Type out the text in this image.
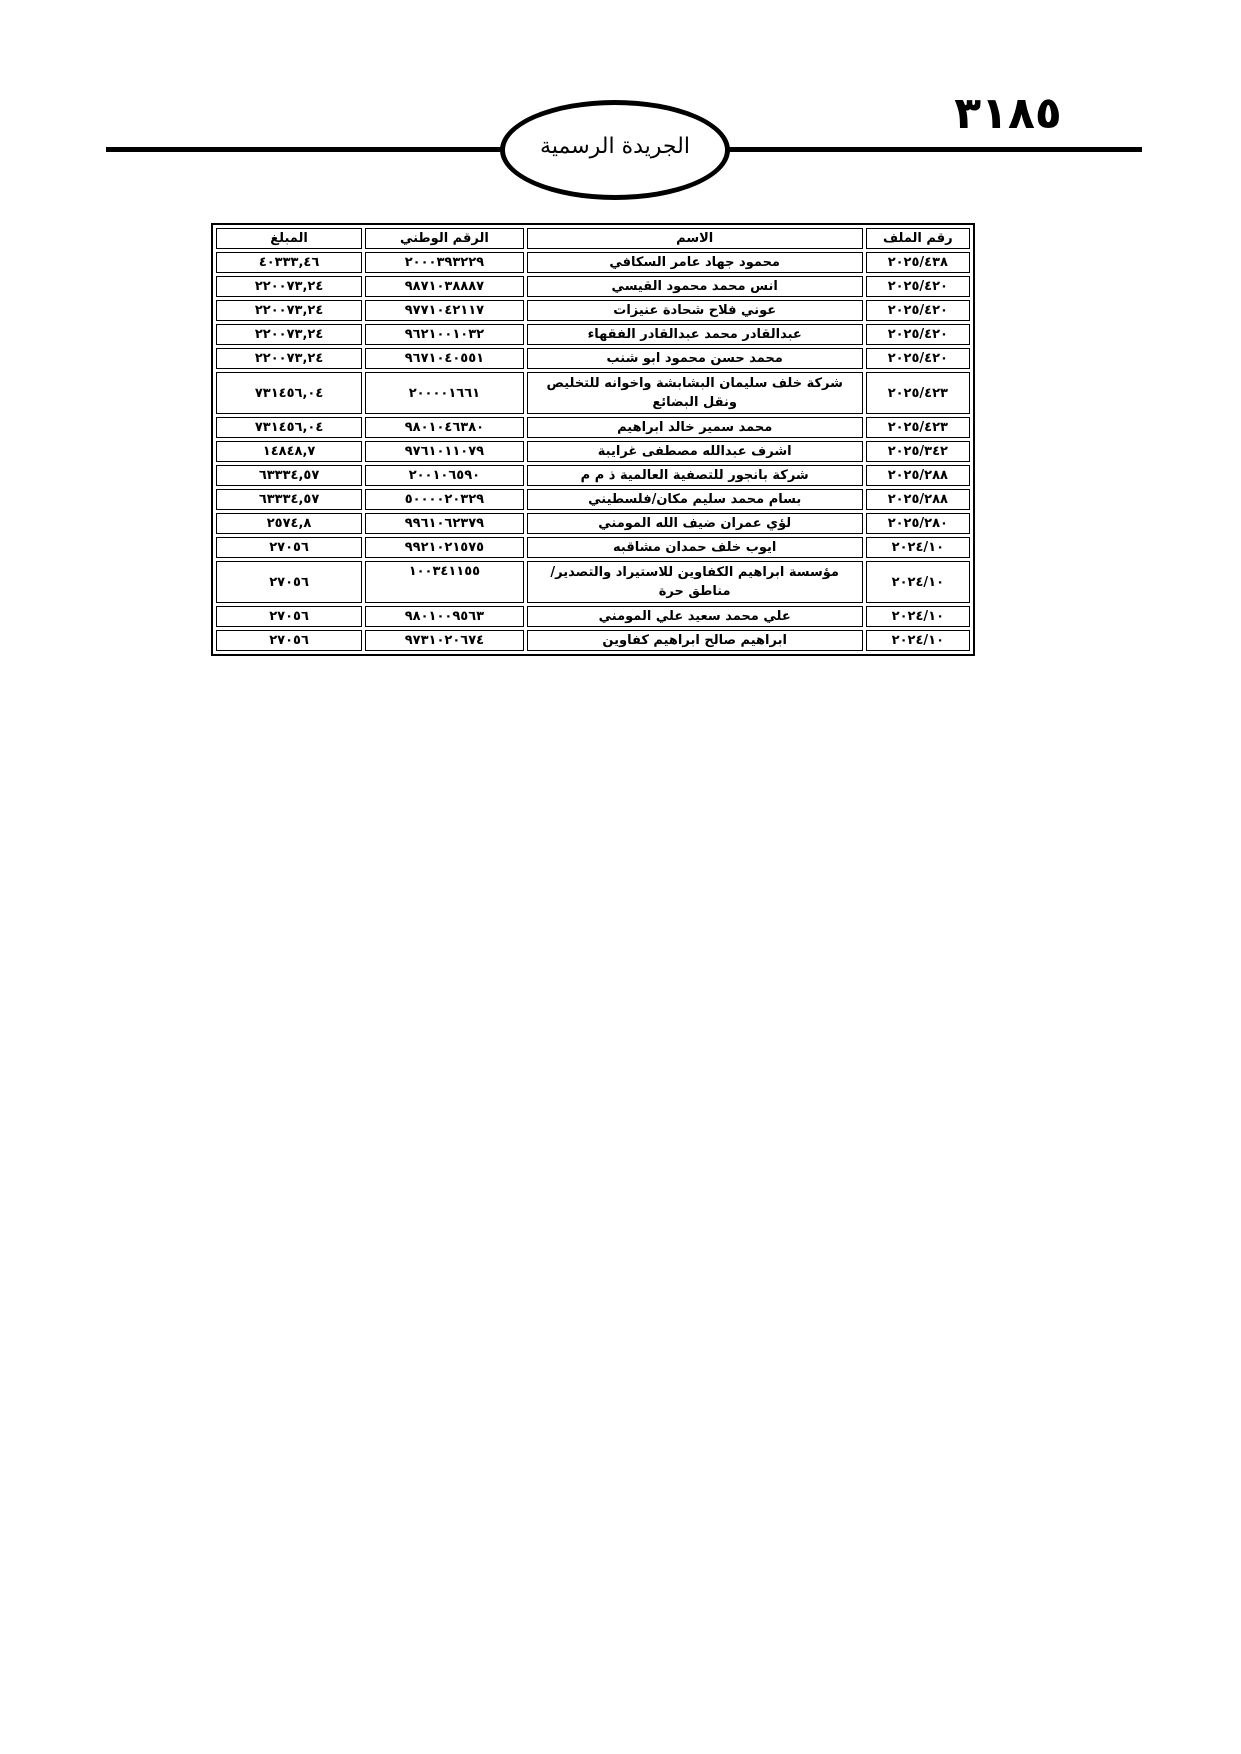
٣١٨٥
الجريدة الرسمية
رقم الملف	الاسم	الرقم الوطني	المبلغ
٢٠٢٥/٤٣٨	محمود جهاد عامر السكافي	٢٠٠٠٣٩٣٢٢٩	٤٠٣٣٣,٤٦
٢٠٢٥/٤٢٠	انس محمد محمود القيسي	٩٨٧١٠٣٨٨٨٧	٢٢٠٠٧٣,٢٤
٢٠٢٥/٤٢٠	عوني فلاح شحادة عنيزات	٩٧٧١٠٤٢١١٧	٢٢٠٠٧٣,٢٤
٢٠٢٥/٤٢٠	عبدالقادر محمد عبدالقادر الفقهاء	٩٦٢١٠٠١٠٣٢	٢٢٠٠٧٣,٢٤
٢٠٢٥/٤٢٠	محمد حسن محمود ابو شنب	٩٦٧١٠٤٠٥٥١	٢٢٠٠٧٣,٢٤
٢٠٢٥/٤٢٣	شركة خلف سليمان البشابشة واخوانه للتخليص ونقل البضائع	٢٠٠٠٠١٦٦١	٧٣١٤٥٦,٠٤
٢٠٢٥/٤٢٣	محمد سمير خالد ابراهيم	٩٨٠١٠٤٦٣٨٠	٧٣١٤٥٦,٠٤
٢٠٢٥/٣٤٢	اشرف عبدالله مصطفى غرايبة	٩٧٦١٠١١٠٧٩	١٤٨٤٨,٧
٢٠٢٥/٢٨٨	شركة بانجور للتصفية العالمية ذ م م	٢٠٠١٠٦٥٩٠	٦٣٣٣٤,٥٧
٢٠٢٥/٢٨٨	بسام محمد سليم مكان/فلسطيني	٥٠٠٠٠٢٠٣٢٩	٦٣٣٣٤,٥٧
٢٠٢٥/٢٨٠	لؤي عمران ضيف الله المومني	٩٩٦١٠٦٢٣٧٩	٢٥٧٤,٨
٢٠٢٤/١٠	ايوب خلف حمدان مشاقبه	٩٩٢١٠٢١٥٧٥	٢٧٠٥٦
٢٠٢٤/١٠	مؤسسة ابراهيم الكفاوين للاستيراد والتصدير/مناطق حرة	١٠٠٣٤١١٥٥	٢٧٠٥٦
٢٠٢٤/١٠	علي محمد سعيد علي المومني	٩٨٠١٠٠٩٥٦٣	٢٧٠٥٦
٢٠٢٤/١٠	ابراهيم صالح ابراهيم كفاوين	٩٧٣١٠٢٠٦٧٤	٢٧٠٥٦
